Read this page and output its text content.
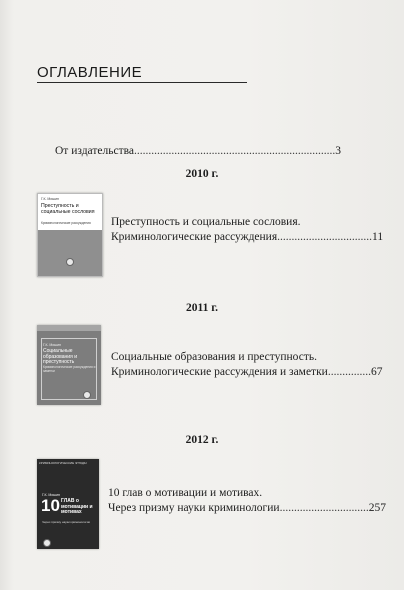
ОГЛАВЛЕНИЕ
От издательства......................................................................3
2010 г.
Г.К. Мишин
Преступность и социальные сословия
Криминологические рассуждения	Преступность и социальные сословия.
Криминологические рассуждения.................................11
2011 г.
Г.К. Мишин
Социальные образования и преступность
Криминологические рассуждения и заметки
Социальные образования и преступность.
Криминологические рассуждения и заметки...............67
2012 г.
КРИМИНОЛОГИЧЕСКИЕ ЭТЮДЫ
Г.К. Мишин
10 ГЛАВ о мотивации и мотивах
Через призму науки криминологии
10 глав о мотивации и мотивах.
Через призму науки криминологии...............................257
